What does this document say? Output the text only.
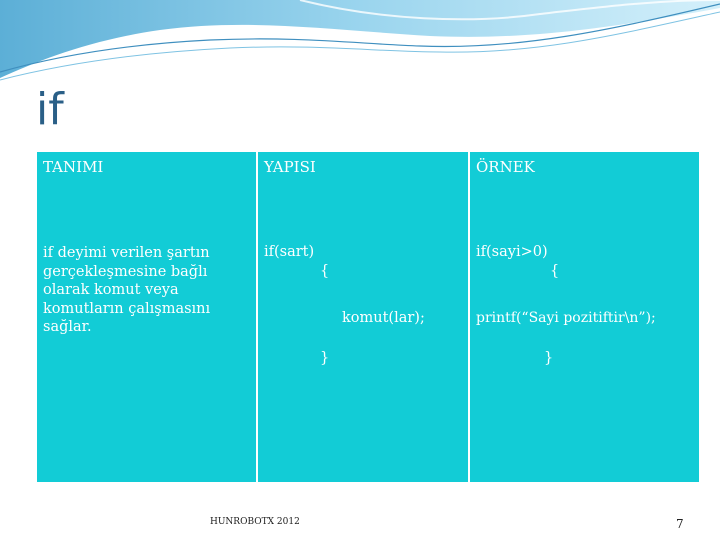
if
TANIMI
if deyimi verilen şartın gerçekleşmesine bağlı olarak komut veya komutların çalışmasını sağlar.
YAPISI
if(sart)
{
komut(lar);
}
ÖRNEK
if(sayi>0)
{
printf(“Sayi pozitiftir\n”);
}
HUNROBOTX 2012	7
